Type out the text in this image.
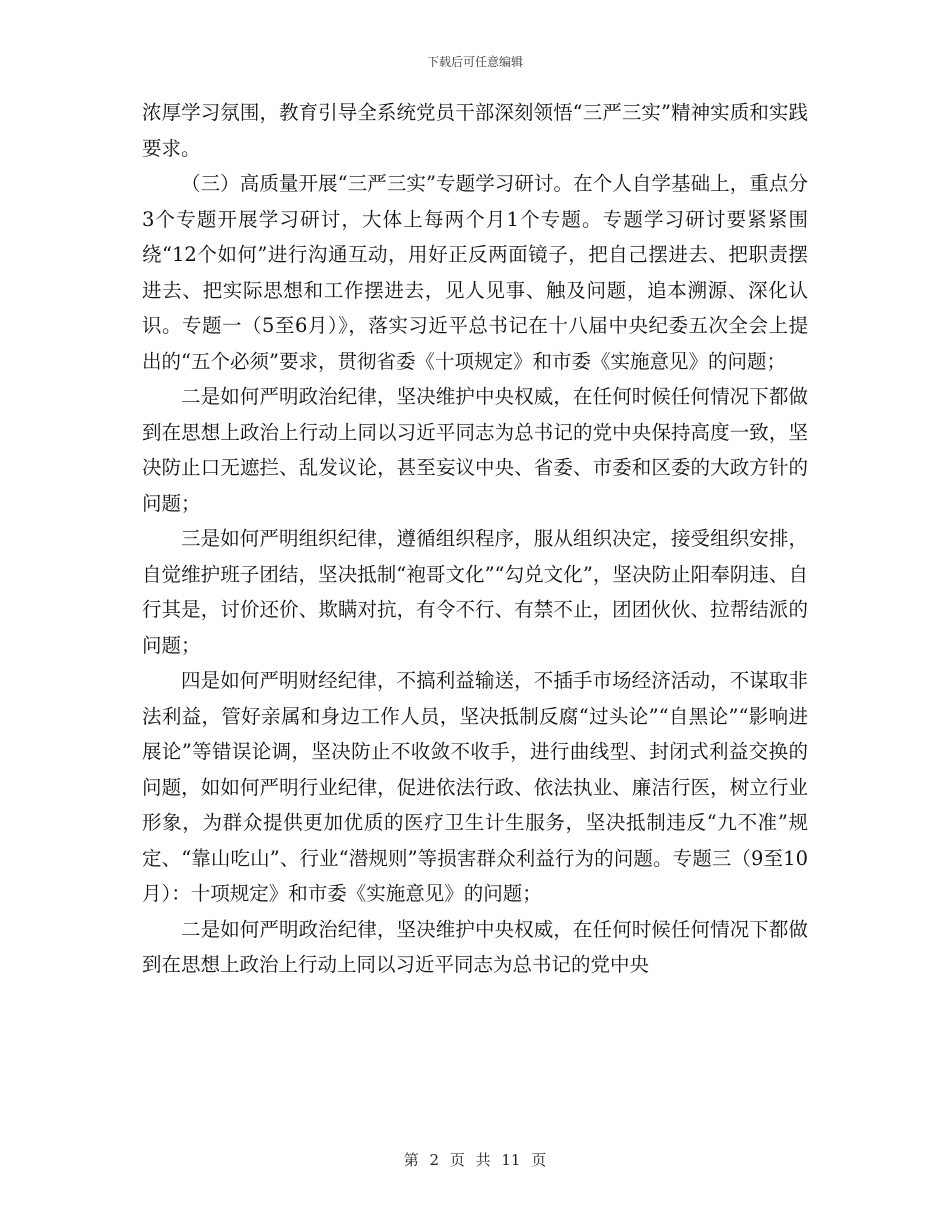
下载后可任意编辑

浓厚学习氛围，教育引导全系统党员干部深刻领悟“三严三实”精神实质和实践要求。

（三）高质量开展“三严三实”专题学习研讨。在个人自学基础上，重点分3个专题开展学习研讨，大体上每两个月1个专题。专题学习研讨要紧紧围绕“12个如何”进行沟通互动，用好正反两面镜子，把自己摆进去、把职责摆进去、把实际思想和工作摆进去，见人见事、触及问题，追本溯源、深化认识。专题一（5至6月）》，落实习近平总书记在十八届中央纪委五次全会上提出的“五个必须”要求，贯彻省委《十项规定》和市委《实施意见》的问题；

二是如何严明政治纪律，坚决维护中央权威，在任何时候任何情况下都做到在思想上政治上行动上同以习近平同志为总书记的党中央保持高度一致，坚决防止口无遮拦、乱发议论，甚至妄议中央、省委、市委和区委的大政方针的问题；

三是如何严明组织纪律，遵循组织程序，服从组织决定，接受组织安排，自觉维护班子团结，坚决抵制“袍哥文化”“勾兑文化”，坚决防止阳奉阴违、自行其是，讨价还价、欺瞒对抗，有令不行、有禁不止，团团伙伙、拉帮结派的问题；

四是如何严明财经纪律，不搞利益输送，不插手市场经济活动，不谋取非法利益，管好亲属和身边工作人员，坚决抵制反腐“过头论”“自黑论”“影响进展论”等错误论调，坚决防止不收敛不收手，进行曲线型、封闭式利益交换的问题，如如何严明行业纪律，促进依法行政、依法执业、廉洁行医，树立行业形象，为群众提供更加优质的医疗卫生计生服务，坚决抵制违反“九不准”规定、“靠山吃山”、行业“潜规则”等损害群众利益行为的问题。专题三（9至10月）：十项规定》和市委《实施意见》的问题；

二是如何严明政治纪律，坚决维护中央权威，在任何时候任何情况下都做到在思想上政治上行动上同以习近平同志为总书记的党中央

第 2 页 共 11 页
